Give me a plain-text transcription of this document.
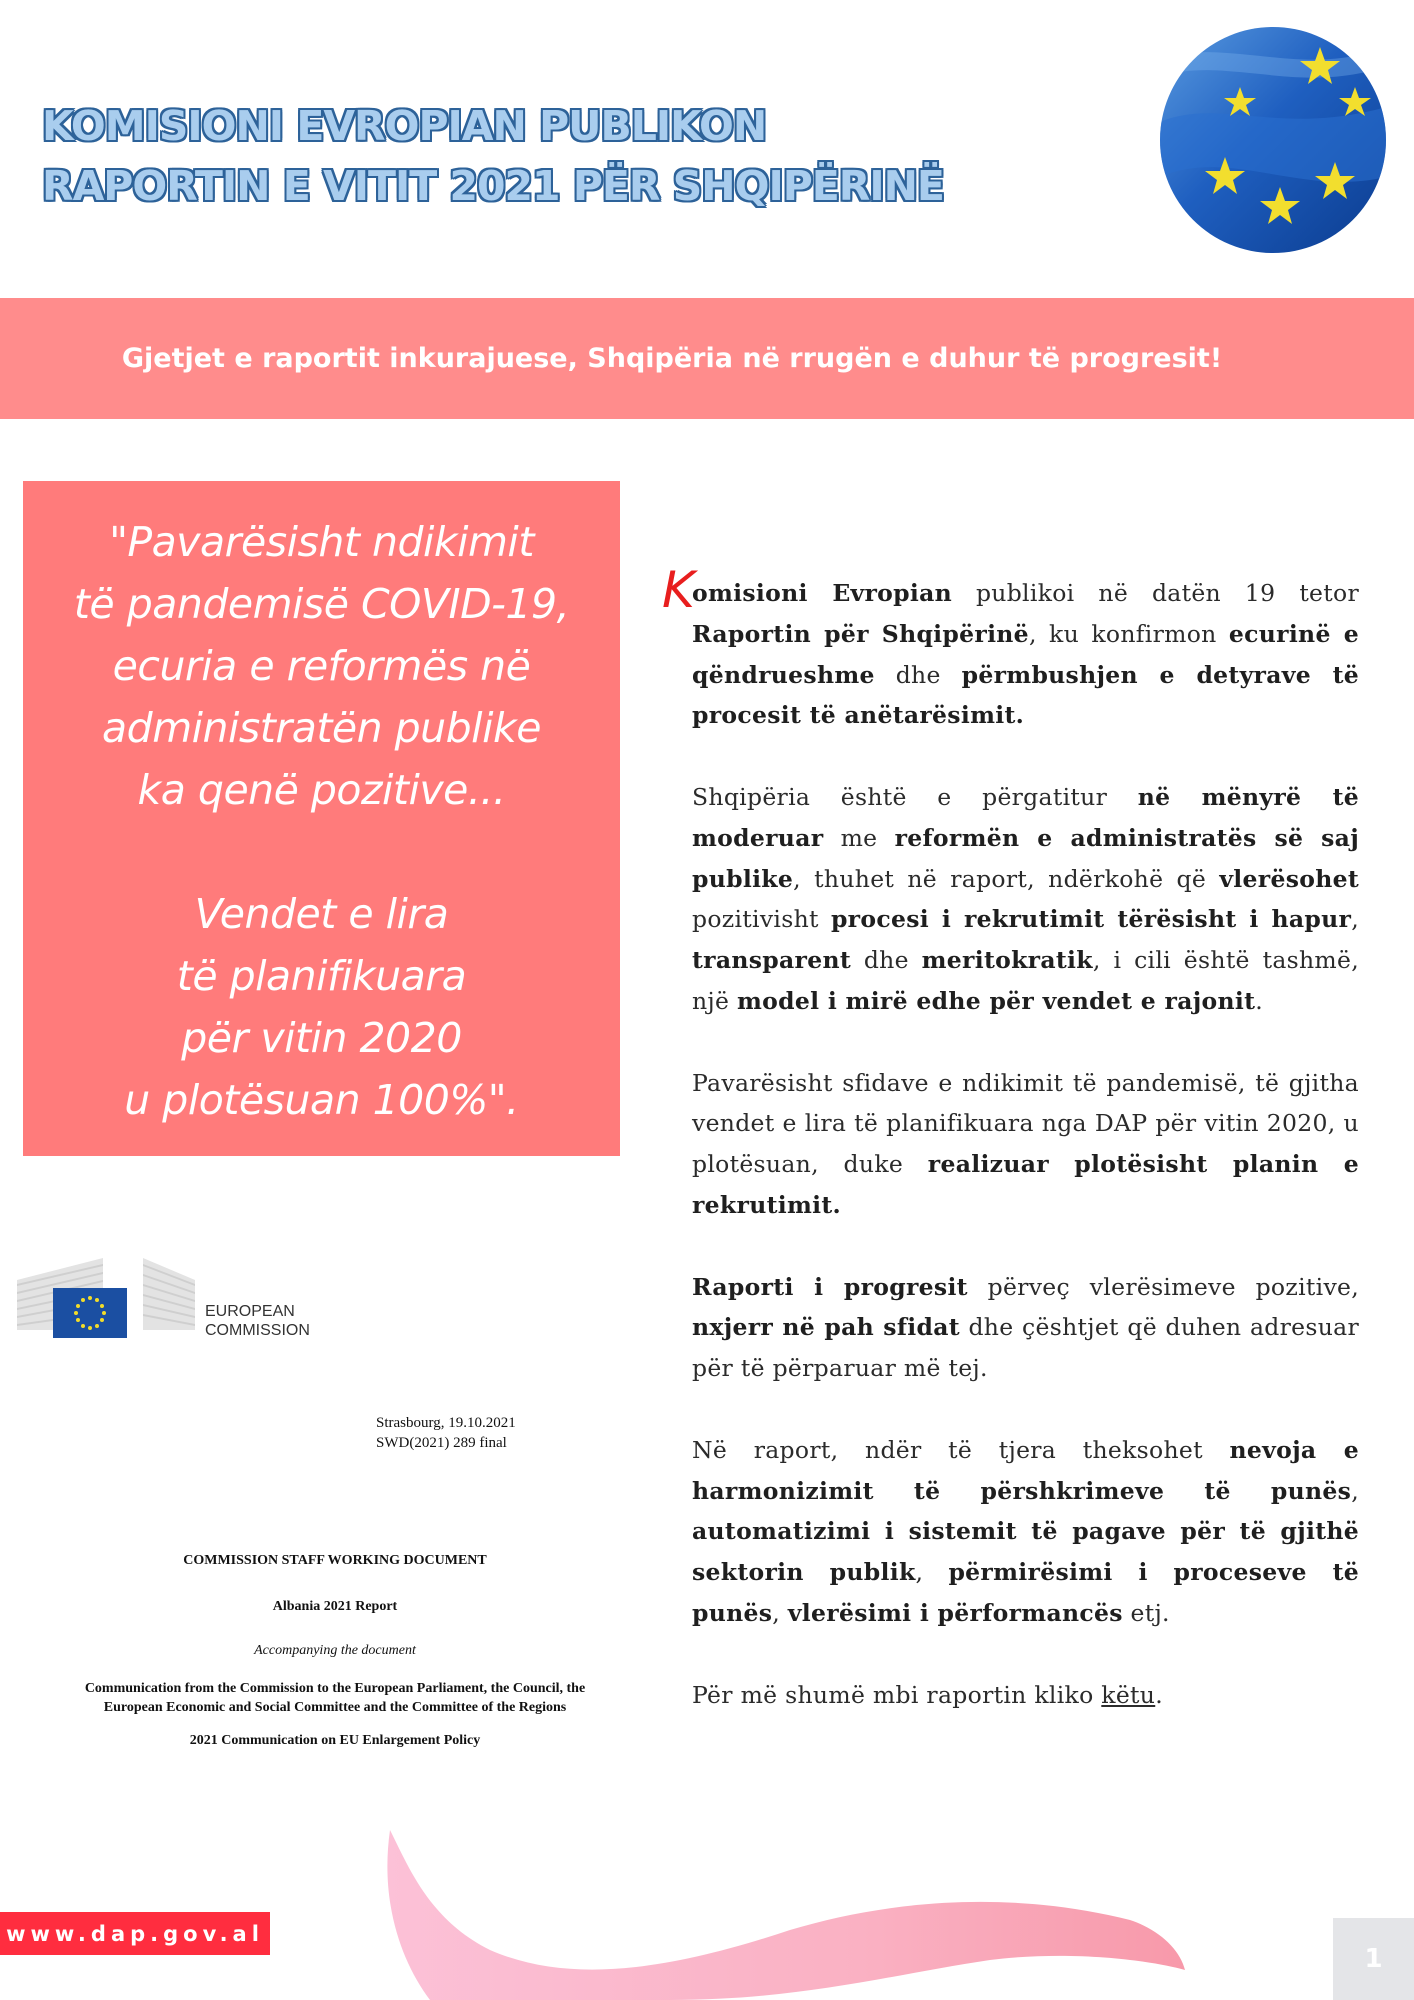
KOMISIONI EVROPIAN PUBLIKON
RAPORTIN E VITIT 2021 PËR SHQIPËRINË
Gjetjet e raportit inkurajuese, Shqipëria në rrugën e duhur të progresit!
"Pavarësisht ndikimit
të pandemisë COVID-19,
ecuria e reformës në
administratën publike
ka qenë pozitive...
Vendet e lira
të planifikuara
për vitin 2020
u plotësuan 100%".
EUROPEAN
COMMISSION
Strasbourg, 19.10.2021
SWD(2021) 289 final
COMMISSION STAFF WORKING DOCUMENT
Albania 2021 Report
Accompanying the document
Communication from the Commission to the European Parliament, the Council, the
European Economic and Social Committee and the Committee of the Regions
2021 Communication on EU Enlargement Policy

K
omisioni Evropian publikoi në datën 19 tetor Raportin për Shqipërinë, ku konfirmon ecurinë e qëndrueshme dhe përmbushjen e detyrave të procesit të anëtarësimit.

Shqipëria është e përgatitur në mënyrë të moderuar me reformën e administratës së saj publike, thuhet në raport, ndërkohë që vlerësohet pozitivisht procesi i rekrutimit tërësisht i hapur, transparent dhe meritokratik, i cili është tashmë, një model i mirë edhe për vendet e rajonit.

Pavarësisht sfidave e ndikimit të pandemisë, të gjitha vendet e lira të planifikuara nga DAP për vitin 2020, u plotësuan, duke realizuar plotësisht planin e rekrutimit.

Raporti i progresit përveç vlerësimeve pozitive, nxjerr në pah sfidat dhe çështjet që duhen adresuar për të përparuar më tej.

Në raport, ndër të tjera theksohet nevoja e harmonizimit të përshkrimeve të punës, automatizimi i sistemit të pagave për të gjithë sektorin publik, përmirësimi i proceseve të punës, vlerësimi i përformancës etj.

Për më shumë mbi raportin kliko këtu.

www.dap.gov.al
1
